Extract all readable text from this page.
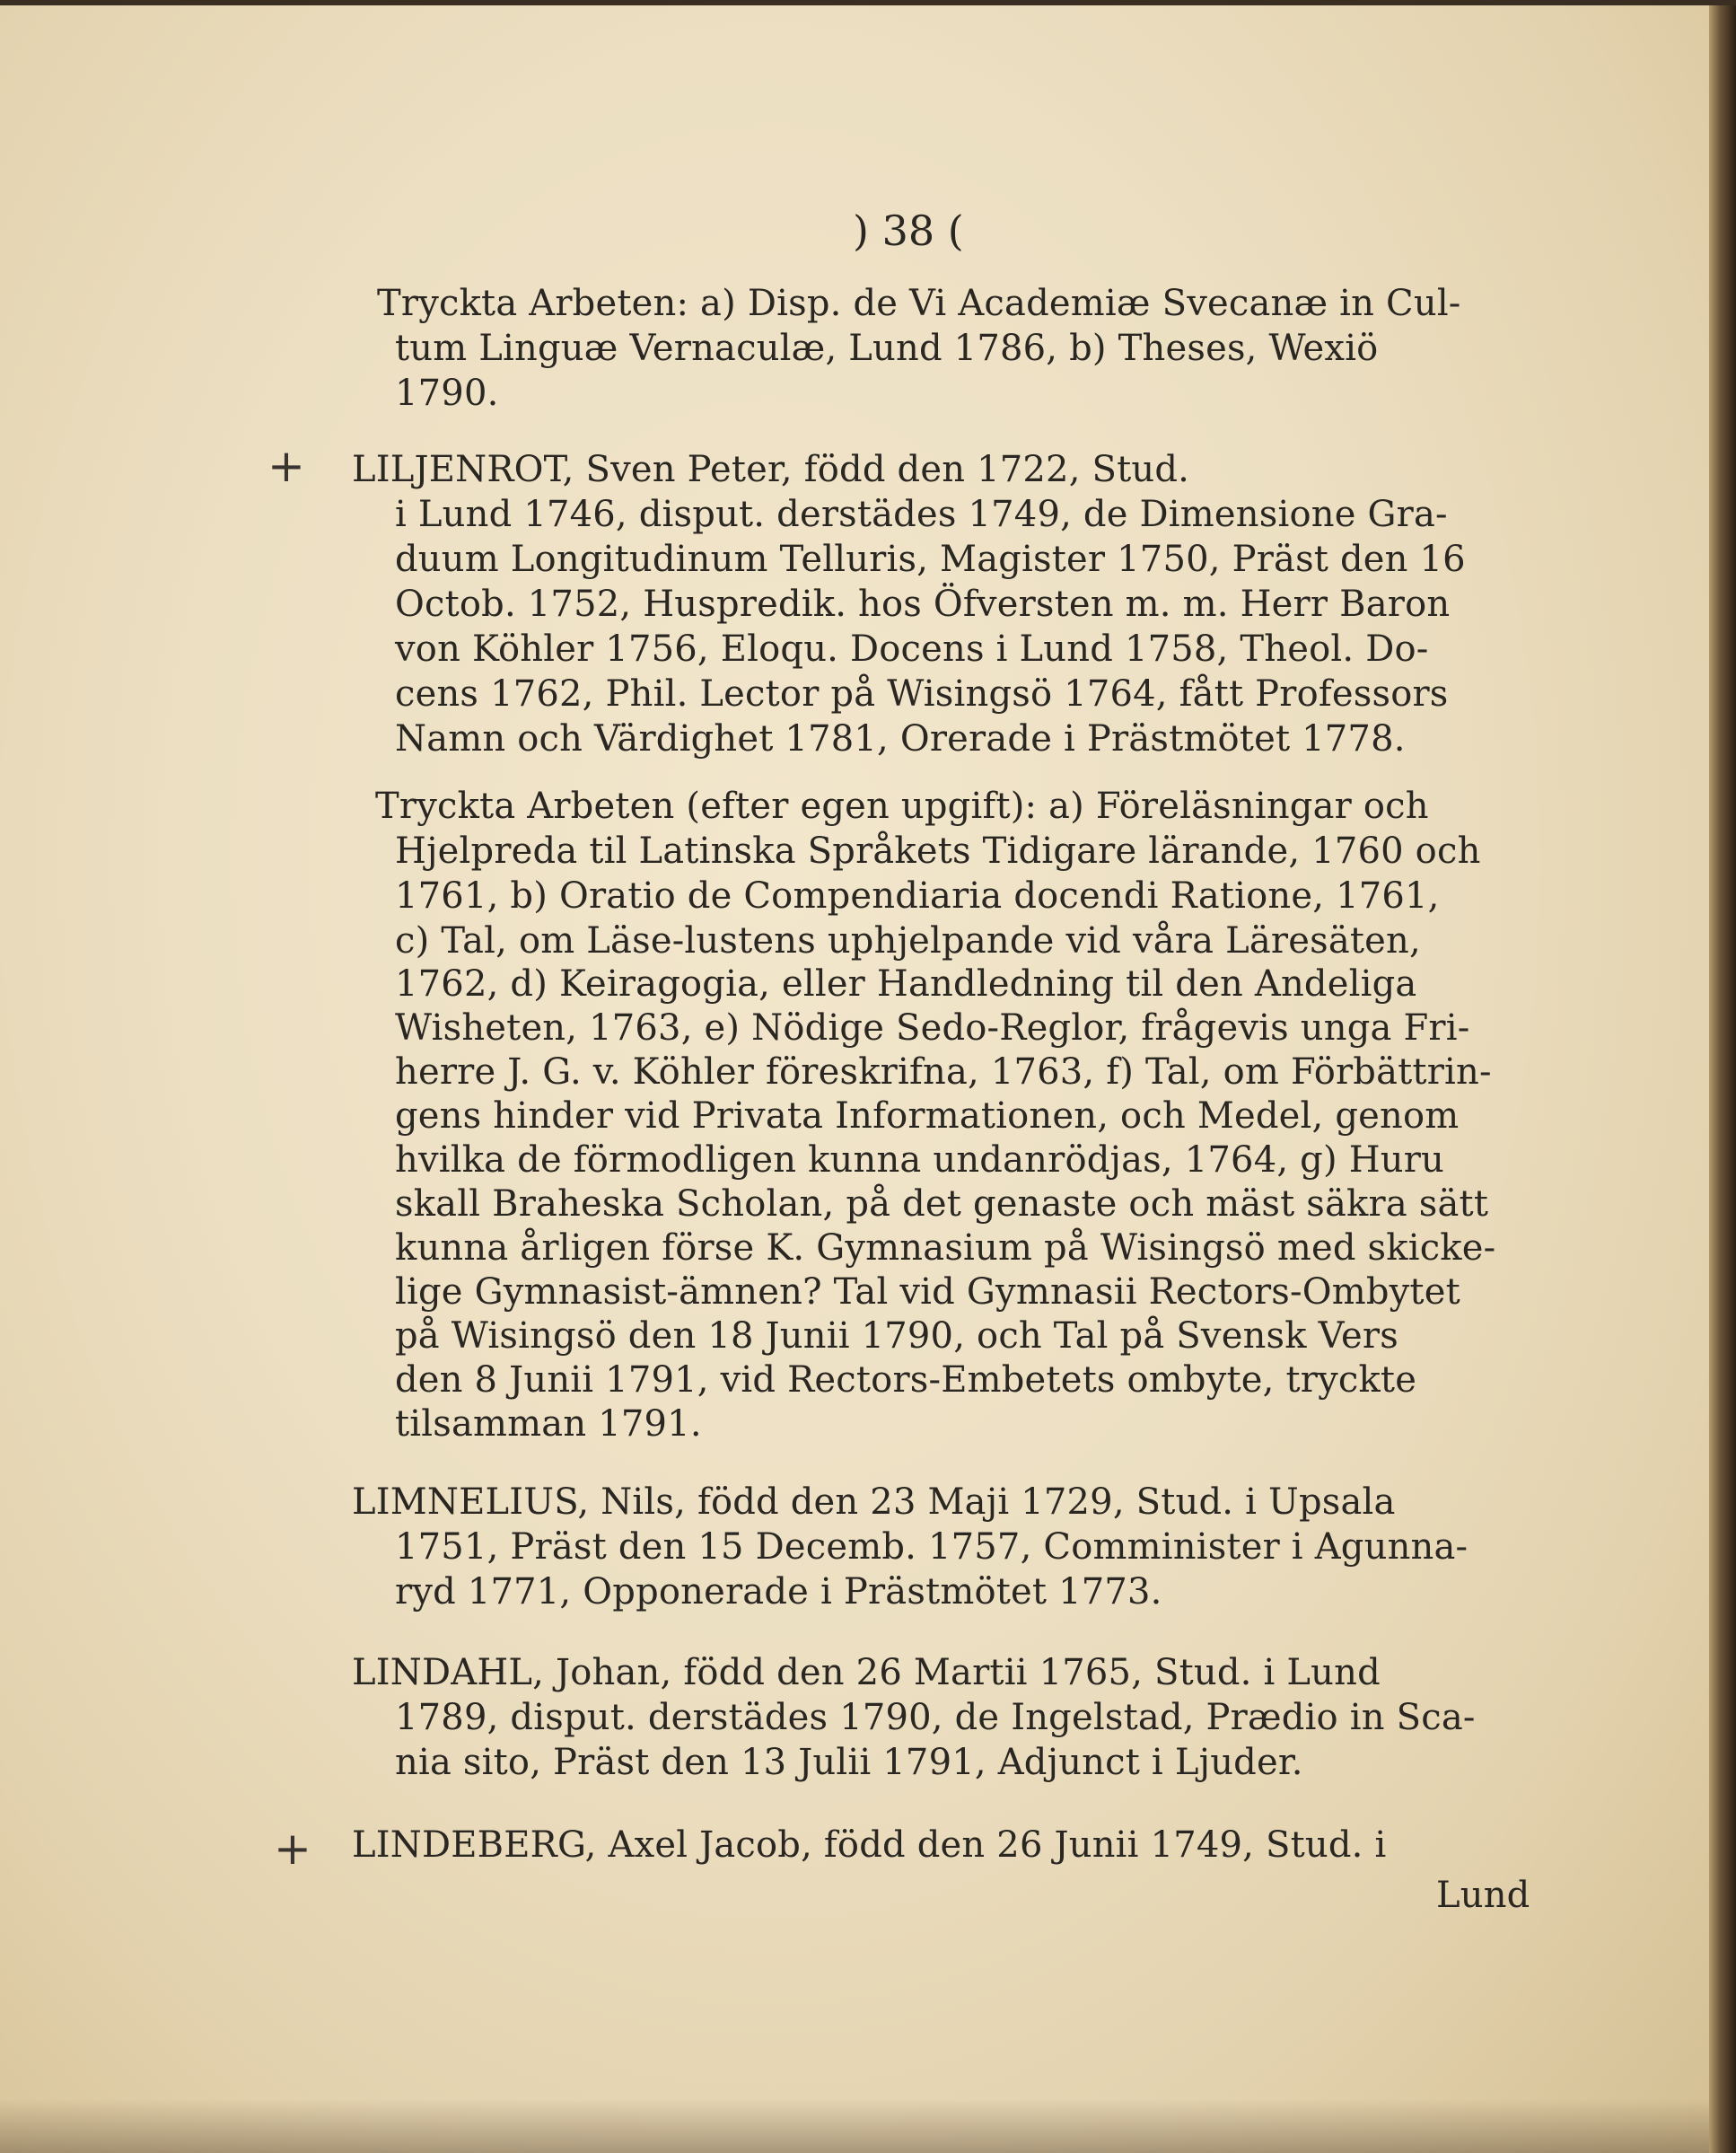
) 38 (
+
+
Tryckta Arbeten: a) Disp. de Vi Academiæ Svecanæ in Cul-
tum Linguæ Vernaculæ, Lund 1786, b) Theses, Wexiö
1790.
LILJENROT, Sven Peter, född den 1722, Stud.
i Lund 1746, disput. derstädes 1749, de Dimensione Gra-
duum Longitudinum Telluris, Magister 1750, Präst den 16
Octob. 1752, Huspredik. hos Öfversten m. m. Herr Baron
von Köhler 1756, Eloqu. Docens i Lund 1758, Theol. Do-
cens 1762, Phil. Lector på Wisingsö 1764, fått Professors
Namn och Värdighet 1781, Orerade i Prästmötet 1778.
Tryckta Arbeten (efter egen upgift): a) Föreläsningar och
Hjelpreda til Latinska Språkets Tidigare lärande, 1760 och
1761, b) Oratio de Compendiaria docendi Ratione, 1761,
c) Tal, om Läse-lustens uphjelpande vid våra Läresäten,
1762, d) Keiragogia, eller Handledning til den Andeliga
Wisheten, 1763, e) Nödige Sedo-Reglor, frågevis unga Fri-
herre J. G. v. Köhler föreskrifna, 1763, f) Tal, om Förbättrin-
gens hinder vid Privata Informationen, och Medel, genom
hvilka de förmodligen kunna undanrödjas, 1764, g) Huru
skall Braheska Scholan, på det genaste och mäst säkra sätt
kunna årligen förse K. Gymnasium på Wisingsö med skicke-
lige Gymnasist-ämnen? Tal vid Gymnasii Rectors-Ombytet
på Wisingsö den 18 Junii 1790, och Tal på Svensk Vers
den 8 Junii 1791, vid Rectors-Embetets ombyte, tryckte
tilsamman 1791.
LIMNELIUS, Nils, född den 23 Maji 1729, Stud. i Upsala
1751, Präst den 15 Decemb. 1757, Comminister i Agunna-
ryd 1771, Opponerade i Prästmötet 1773.
LINDAHL, Johan, född den 26 Martii 1765, Stud. i Lund
1789, disput. derstädes 1790, de Ingelstad, Prædio in Sca-
nia sito, Präst den 13 Julii 1791, Adjunct i Ljuder.
LINDEBERG, Axel Jacob, född den 26 Junii 1749, Stud. i
Lund
